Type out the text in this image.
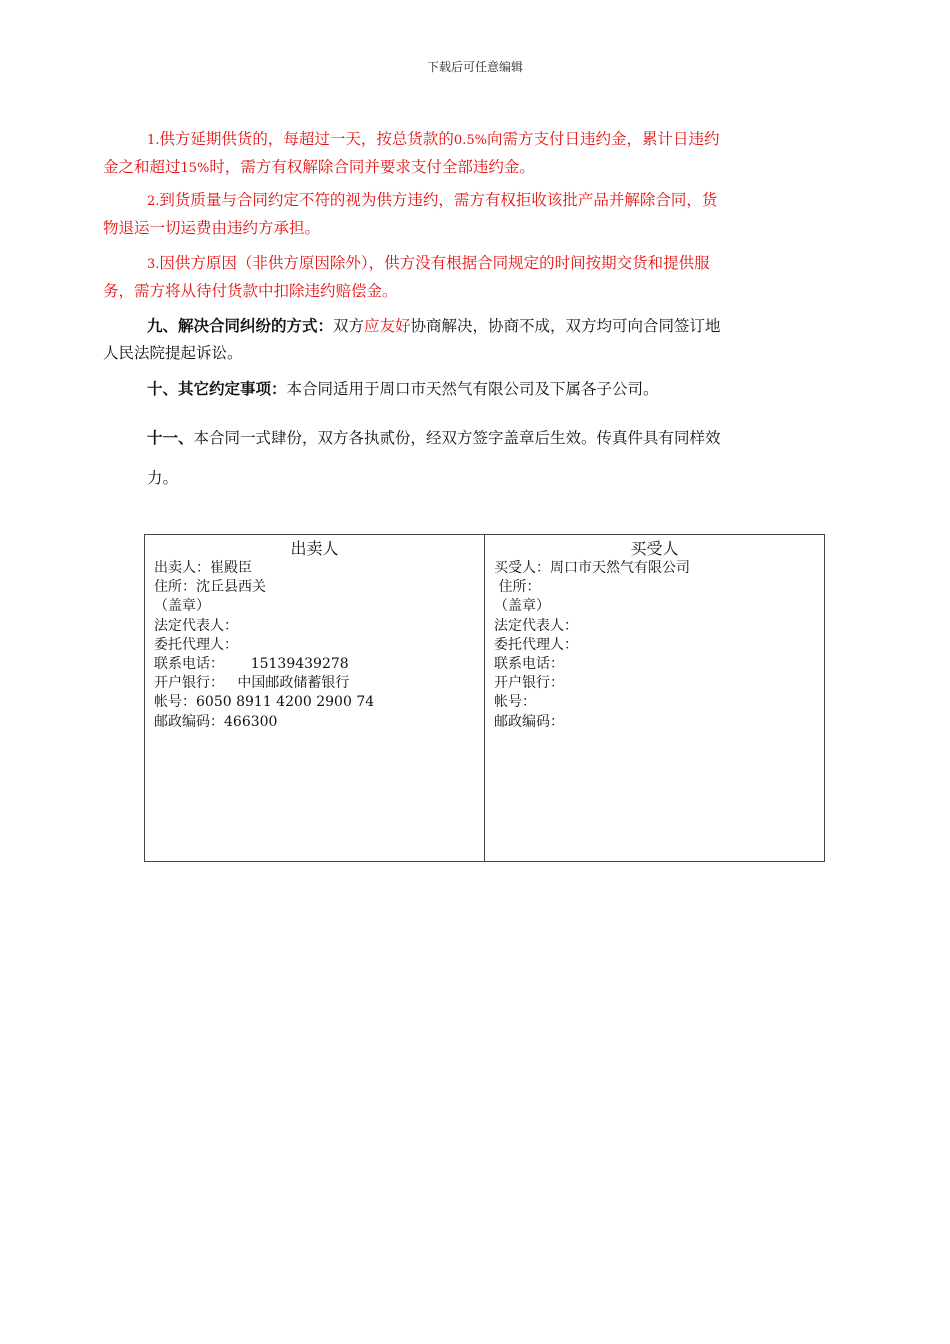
下载后可任意编辑
1.供方延期供货的，每超过一天，按总货款的0.5%向需方支付日违约金，累计日违约
金之和超过15%时，需方有权解除合同并要求支付全部违约金。
2.到货质量与合同约定不符的视为供方违约，需方有权拒收该批产品并解除合同，货
物退运一切运费由违约方承担。
3.因供方原因（非供方原因除外），供方没有根据合同规定的时间按期交货和提供服
务，需方将从待付货款中扣除违约赔偿金。
九、解决合同纠纷的方式：双方应友好协商解决，协商不成，双方均可向合同签订地
人民法院提起诉讼。
十、其它约定事项：本合同适用于周口市天然气有限公司及下属各子公司。
十一、本合同一式肆份，双方各执贰份，经双方签字盖章后生效。传真件具有同样效
力。
出卖人
出卖人：崔殿臣
住所：沈丘县西关
（盖章）
法定代表人：
委托代理人：
联系电话：      15139439278
开户银行：   中国邮政储蓄银行
帐号：6050 8911 4200 2900 74
邮政编码：466300

买受人
买受人：周口市天然气有限公司
住所：
（盖章）
法定代表人：
委托代理人：
联系电话：
开户银行：
帐号：
邮政编码：
